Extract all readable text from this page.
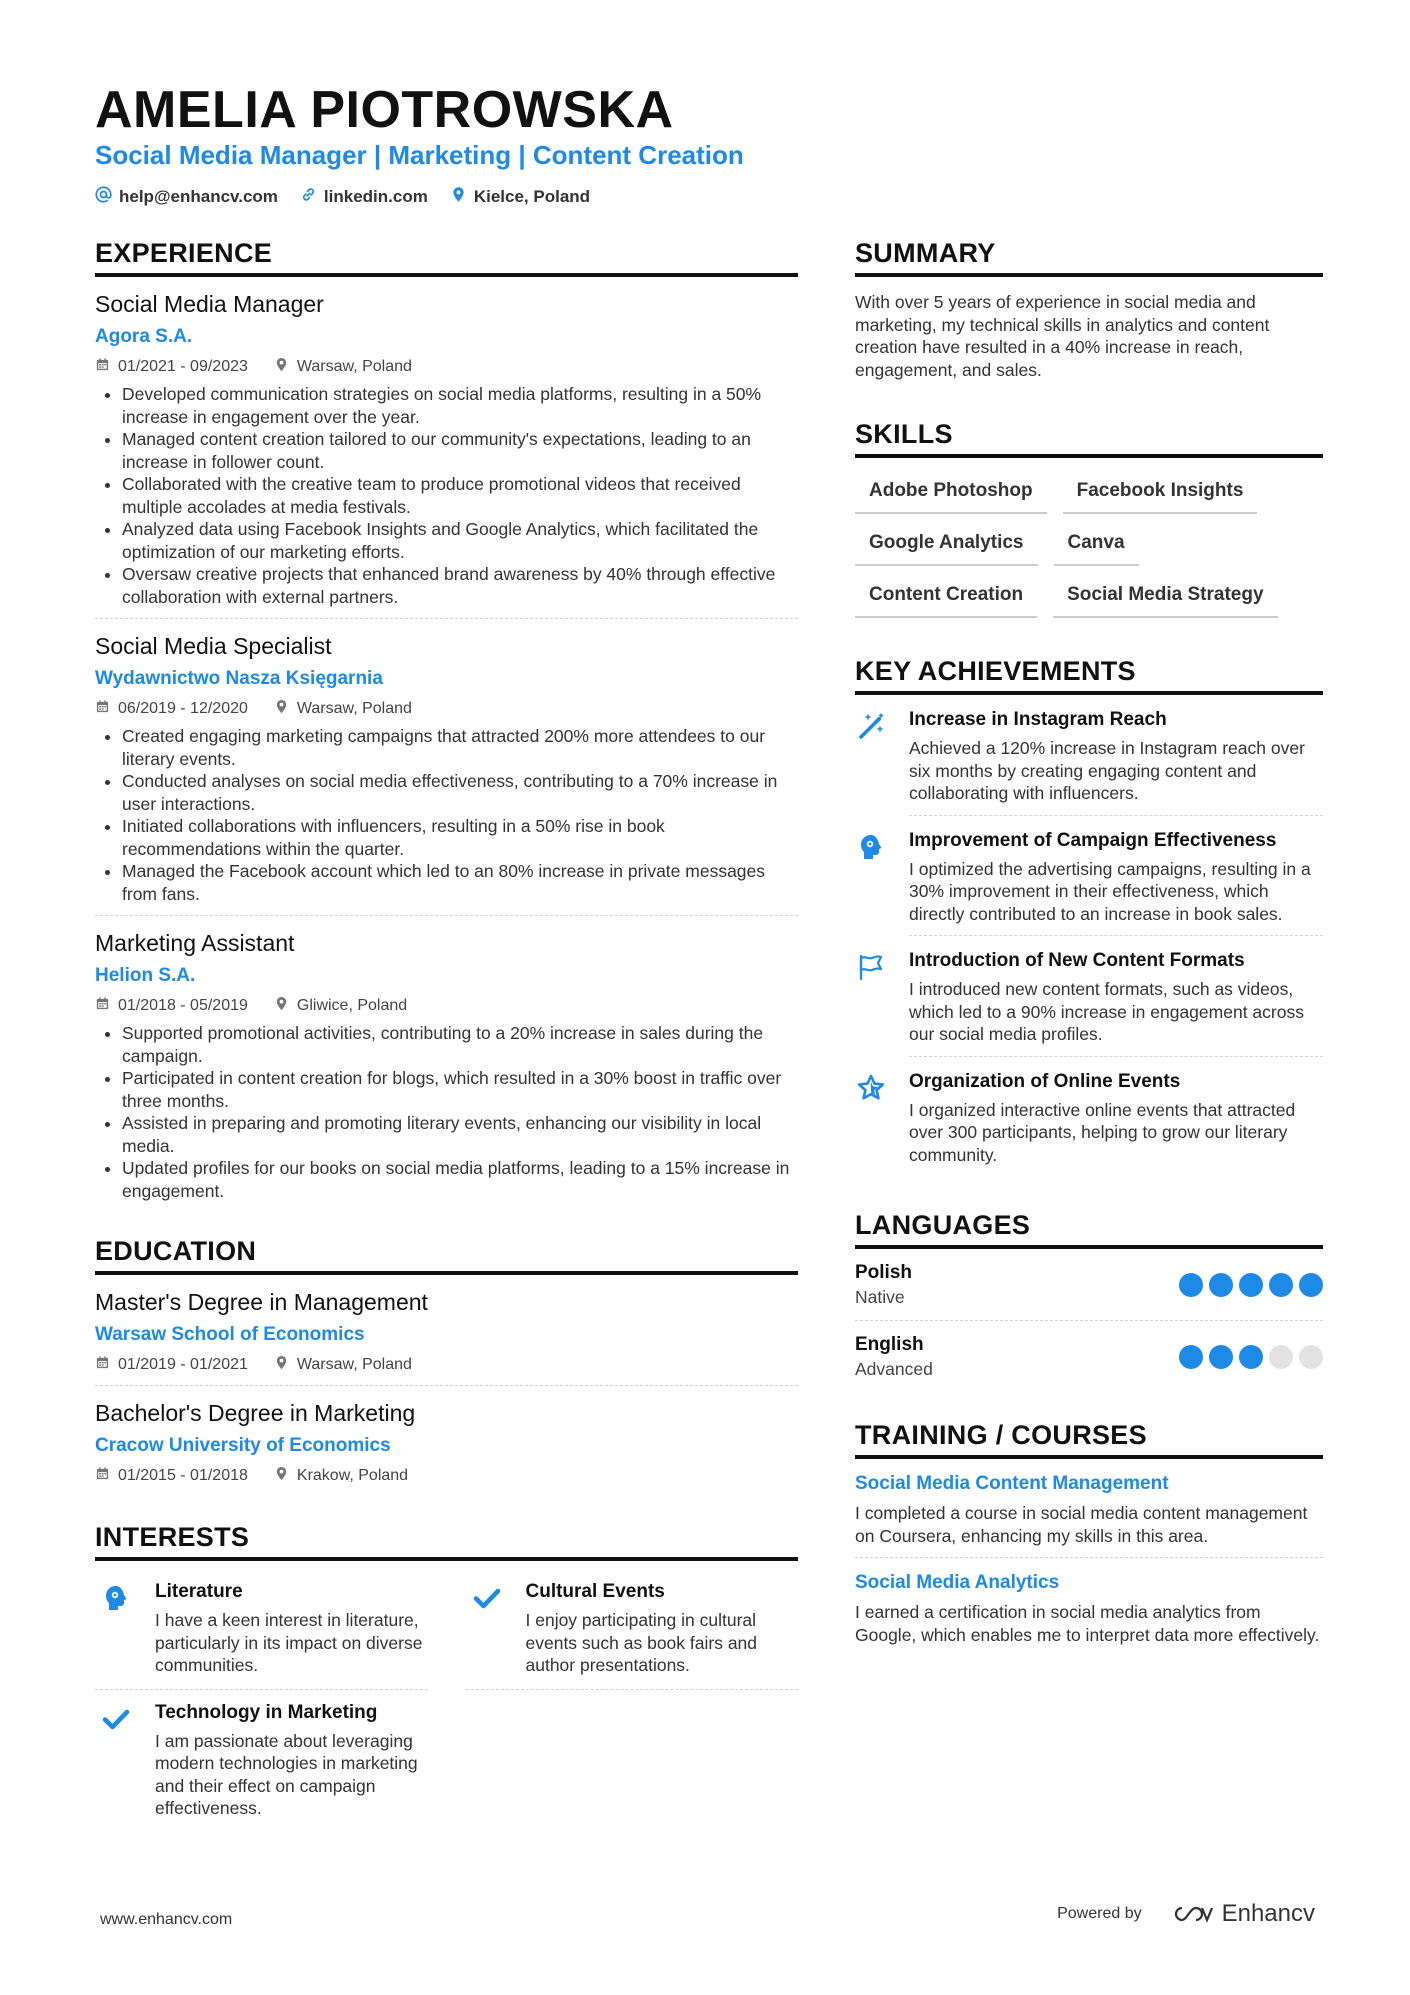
AMELIA PIOTROWSKA
Social Media Manager | Marketing | Content Creation
help@enhancv.com	linkedin.com	Kielce, Poland
EXPERIENCE
Social Media Manager
Agora S.A.
01/2021 - 09/2023	Warsaw, Poland
• Developed communication strategies on social media platforms, resulting in a 50% increase in engagement over the year.
• Managed content creation tailored to our community's expectations, leading to an increase in follower count.
• Collaborated with the creative team to produce promotional videos that received multiple accolades at media festivals.
• Analyzed data using Facebook Insights and Google Analytics, which facilitated the optimization of our marketing efforts.
• Oversaw creative projects that enhanced brand awareness by 40% through effective collaboration with external partners.
Social Media Specialist
Wydawnictwo Nasza Księgarnia
06/2019 - 12/2020	Warsaw, Poland
• Created engaging marketing campaigns that attracted 200% more attendees to our literary events.
• Conducted analyses on social media effectiveness, contributing to a 70% increase in user interactions.
• Initiated collaborations with influencers, resulting in a 50% rise in book recommendations within the quarter.
• Managed the Facebook account which led to an 80% increase in private messages from fans.
Marketing Assistant
Helion S.A.
01/2018 - 05/2019	Gliwice, Poland
• Supported promotional activities, contributing to a 20% increase in sales during the campaign.
• Participated in content creation for blogs, which resulted in a 30% boost in traffic over three months.
• Assisted in preparing and promoting literary events, enhancing our visibility in local media.
• Updated profiles for our books on social media platforms, leading to a 15% increase in engagement.
EDUCATION
Master's Degree in Management
Warsaw School of Economics
01/2019 - 01/2021	Warsaw, Poland
Bachelor's Degree in Marketing
Cracow University of Economics
01/2015 - 01/2018	Krakow, Poland
INTERESTS
Literature
I have a keen interest in literature, particularly in its impact on diverse communities.
Cultural Events
I enjoy participating in cultural events such as book fairs and author presentations.
Technology in Marketing
I am passionate about leveraging modern technologies in marketing and their effect on campaign effectiveness.
SUMMARY
With over 5 years of experience in social media and marketing, my technical skills in analytics and content creation have resulted in a 40% increase in reach, engagement, and sales.
SKILLS
Adobe Photoshop	Facebook Insights
Google Analytics	Canva
Content Creation	Social Media Strategy
KEY ACHIEVEMENTS
Increase in Instagram Reach
Achieved a 120% increase in Instagram reach over six months by creating engaging content and collaborating with influencers.
Improvement of Campaign Effectiveness
I optimized the advertising campaigns, resulting in a 30% improvement in their effectiveness, which directly contributed to an increase in book sales.
Introduction of New Content Formats
I introduced new content formats, such as videos, which led to a 90% increase in engagement across our social media profiles.
Organization of Online Events
I organized interactive online events that attracted over 300 participants, helping to grow our literary community.
LANGUAGES
Polish
Native
English
Advanced
TRAINING / COURSES
Social Media Content Management
I completed a course in social media content management on Coursera, enhancing my skills in this area.
Social Media Analytics
I earned a certification in social media analytics from Google, which enables me to interpret data more effectively.
www.enhancv.com	Powered by	Enhancv
